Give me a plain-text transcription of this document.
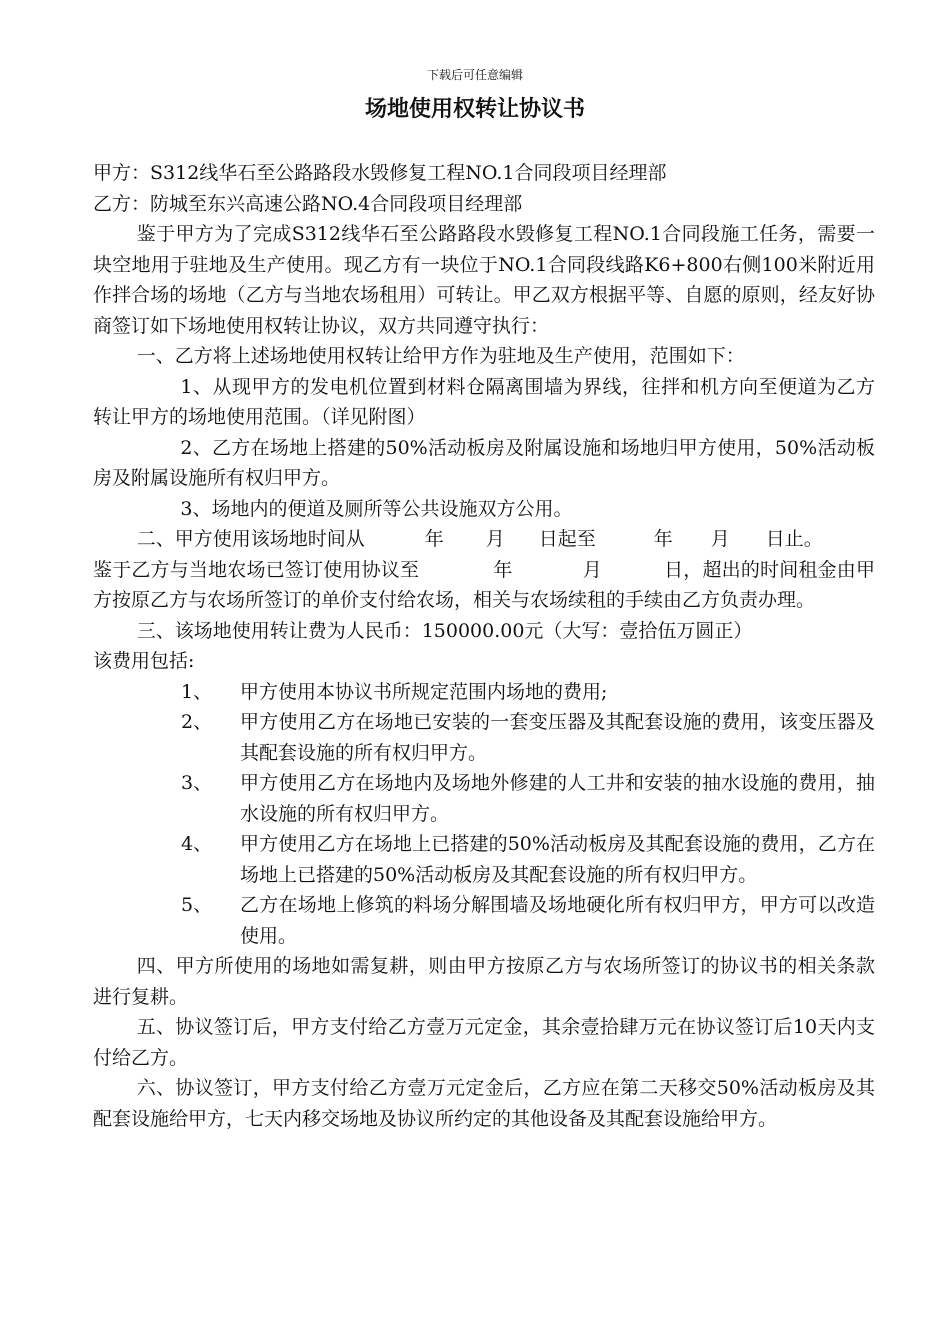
下载后可任意编辑
场地使用权转让协议书

甲方：S312线华石至公路路段水毁修复工程NO.1合同段项目经理部

乙方：防城至东兴高速公路NO.4合同段项目经理部

鉴于甲方为了完成S312线华石至公路路段水毁修复工程NO.1合同段施工任务，需要一块空地用于驻地及生产使用。现乙方有一块位于NO.1合同段线路K6+800右侧100米附近用作拌合场的场地（乙方与当地农场租用）可转让。甲乙双方根据平等、自愿的原则，经友好协商签订如下场地使用权转让协议，双方共同遵守执行：

一、乙方将上述场地使用权转让给甲方作为驻地及生产使用，范围如下：

1、从现甲方的发电机位置到材料仓隔离围墙为界线，往拌和机方向至便道为乙方转让甲方的场地使用范围。（详见附图）

2、乙方在场地上搭建的50%活动板房及附属设施和场地归甲方使用，50%活动板房及附属设施所有权归甲方。

3、场地内的便道及厕所等公共设施双方公用。

二、甲方使用该场地时间从	年 月 日起至	年 月 日止。

鉴于乙方与当地农场已签订使用协议至	年	月	日，超出的时间租金由甲方按原乙方与农场所签订的单价支付给农场，相关与农场续租的手续由乙方负责办理。

三、该场地使用转让费为人民币：150000.00元（大写：壹拾伍万圆正）

该费用包括:

1、	甲方使用本协议书所规定范围内场地的费用;
2、	甲方使用乙方在场地已安装的一套变压器及其配套设施的费用，该变压器及其配套设施的所有权归甲方。
3、	甲方使用乙方在场地内及场地外修建的人工井和安装的抽水设施的费用，抽水设施的所有权归甲方。
4、	甲方使用乙方在场地上已搭建的50%活动板房及其配套设施的费用，乙方在场地上已搭建的50%活动板房及其配套设施的所有权归甲方。
5、	乙方在场地上修筑的料场分解围墙及场地硬化所有权归甲方，甲方可以改造使用。

四、甲方所使用的场地如需复耕，则由甲方按原乙方与农场所签订的协议书的相关条款进行复耕。

五、协议签订后，甲方支付给乙方壹万元定金，其余壹拾肆万元在协议签订后10天内支付给乙方。

六、协议签订，甲方支付给乙方壹万元定金后，乙方应在第二天移交50%活动板房及其配套设施给甲方，七天内移交场地及协议所约定的其他设备及其配套设施给甲方。
